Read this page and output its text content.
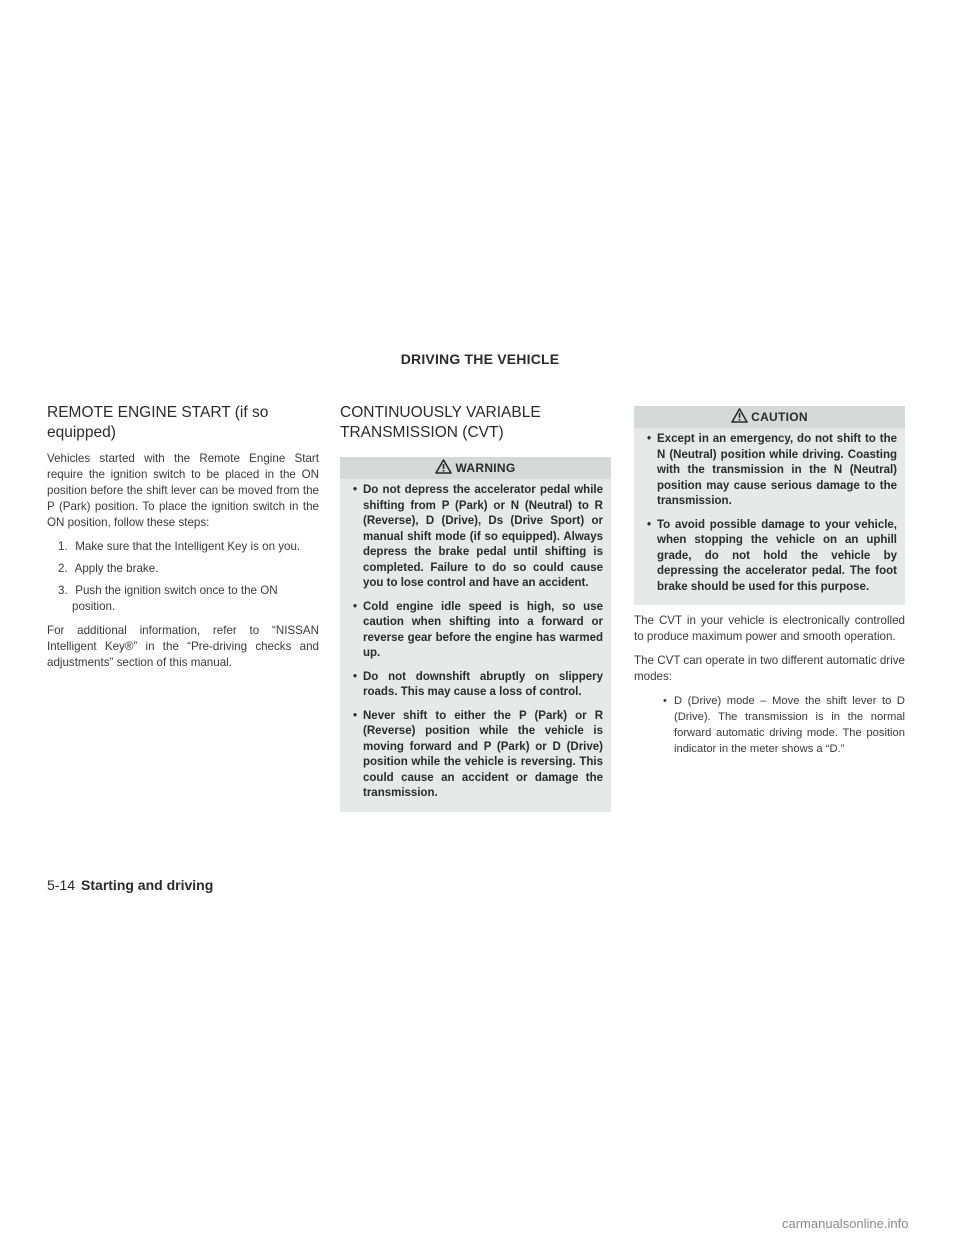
DRIVING THE VEHICLE
REMOTE ENGINE START (if so equipped)

Vehicles started with the Remote Engine Start require the ignition switch to be placed in the ON position before the shift lever can be moved from the P (Park) position. To place the ignition switch in the ON position, follow these steps:

1. Make sure that the Intelligent Key is on you.
2. Apply the brake.
3. Push the ignition switch once to the ON position.

For additional information, refer to “NISSAN Intelligent Key®” in the “Pre-driving checks and adjustments” section of this manual.

CONTINUOUSLY VARIABLE TRANSMISSION (CVT)
WARNING
• Do not depress the accelerator pedal while shifting from P (Park) or N (Neutral) to R (Reverse), D (Drive), Ds (Drive Sport) or manual shift mode (if so equipped). Always depress the brake pedal until shifting is completed. Failure to do so could cause you to lose control and have an accident.
• Cold engine idle speed is high, so use caution when shifting into a forward or reverse gear before the engine has warmed up.
• Do not downshift abruptly on slippery roads. This may cause a loss of control.
• Never shift to either the P (Park) or R (Reverse) position while the vehicle is moving forward and P (Park) or D (Drive) position while the vehicle is reversing. This could cause an accident or damage the transmission.
CAUTION
• Except in an emergency, do not shift to the N (Neutral) position while driving. Coasting with the transmission in the N (Neutral) position may cause serious damage to the transmission.
• To avoid possible damage to your vehicle, when stopping the vehicle on an uphill grade, do not hold the vehicle by depressing the accelerator pedal. The foot brake should be used for this purpose.

The CVT in your vehicle is electronically controlled to produce maximum power and smooth operation.

The CVT can operate in two different automatic drive modes:

• D (Drive) mode – Move the shift lever to D (Drive). The transmission is in the normal forward automatic driving mode. The position indicator in the meter shows a “D.”
5-14 Starting and driving
carmanualsonline.info
